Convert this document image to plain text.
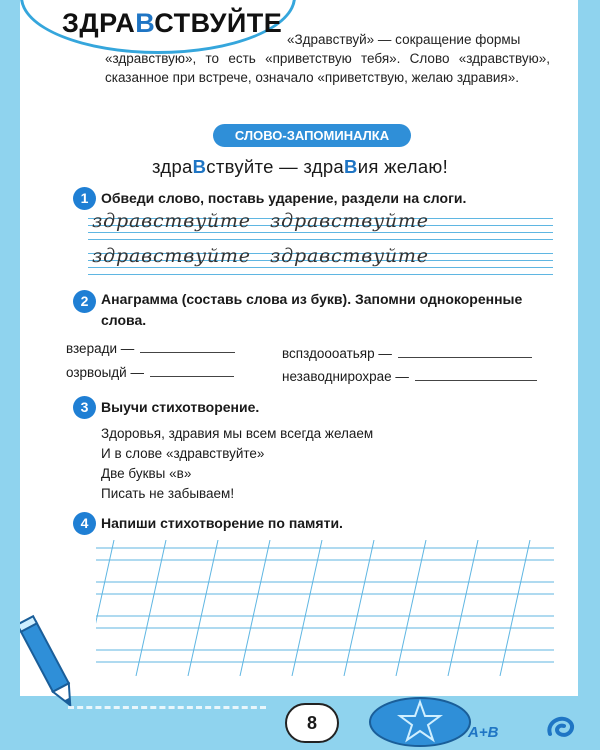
ЗДРАВСТВУЙТЕ

«Здравствуй» — сокращение формы

«здравствую», то есть «приветствую тебя». Слово «здравствую», сказанное при встрече, означало «приветствую, желаю здравия».

СЛОВО-ЗАПОМИНАЛКА
здраВствуйте — здраВия желаю!
1 Обведи слово, поставь ударение, раздели на слоги.
здравствуйте здравствуйте
здравствуйте здравствуйте
2 Анаграмма (составь слова из букв). Запомни однокоренные слова.
взеради —	вспздоооатьяр —
озрвоыдй —	незаводнирохрае —
3 Выучи стихотворение.
Здоровья, здравия мы всем всегда желаем
И в слове «здравствуйте»
Две буквы «в»
Писать не забываем!
4 Напиши стихотворение по памяти.
8	А+В
